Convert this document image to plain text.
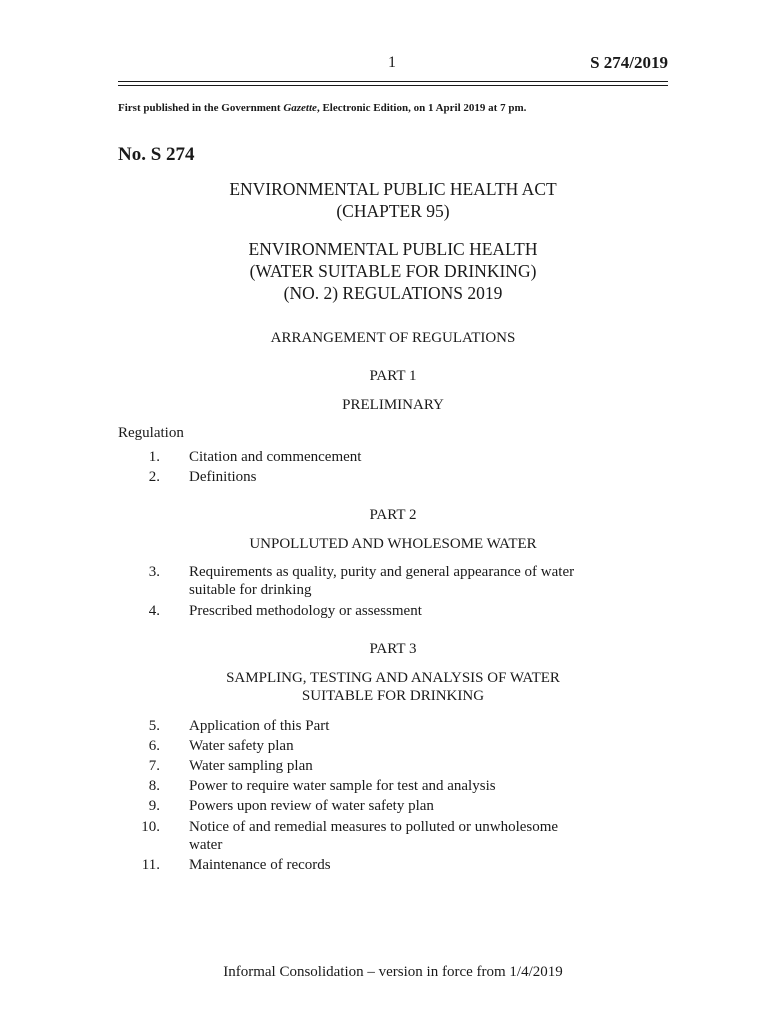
1	S 274/2019
First published in the Government Gazette, Electronic Edition, on 1 April 2019 at 7 pm.
No. S 274
ENVIRONMENTAL PUBLIC HEALTH ACT
(CHAPTER 95)
ENVIRONMENTAL PUBLIC HEALTH
(WATER SUITABLE FOR DRINKING)
(NO. 2) REGULATIONS 2019
ARRANGEMENT OF REGULATIONS
PART 1
PRELIMINARY
Regulation
1. Citation and commencement
2. Definitions
PART 2
UNPOLLUTED AND WHOLESOME WATER
3. Requirements as quality, purity and general appearance of water
suitable for drinking
4. Prescribed methodology or assessment
PART 3
SAMPLING, TESTING AND ANALYSIS OF WATER
SUITABLE FOR DRINKING
5. Application of this Part
6. Water safety plan
7. Water sampling plan
8. Power to require water sample for test and analysis
9. Powers upon review of water safety plan
10. Notice of and remedial measures to polluted or unwholesome
water
11. Maintenance of records
Informal Consolidation – version in force from 1/4/2019
